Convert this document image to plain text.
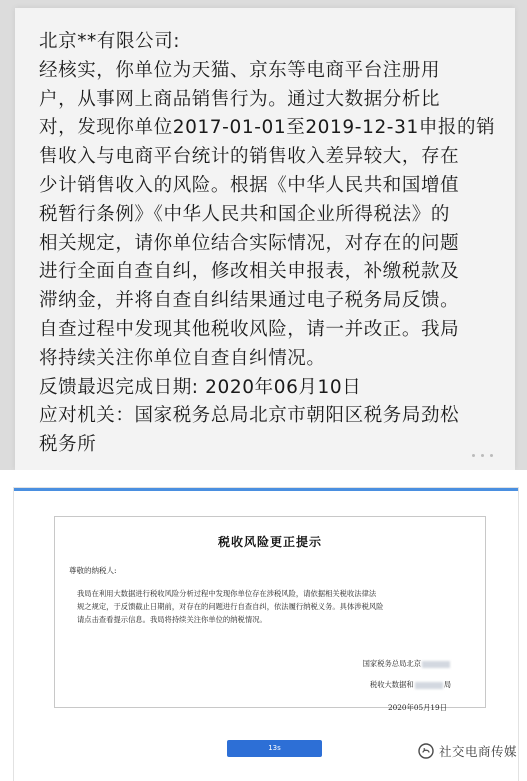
北京**有限公司:
经核实，你单位为天猫、京东等电商平台注册用
户，从事网上商品销售行为。通过大数据分析比
对，发现你单位2017-01-01至2019-12-31申报的销
售收入与电商平台统计的销售收入差异较大，存在
少计销售收入的风险。根据《中华人民共和国增值
税暂行条例》《中华人民共和国企业所得税法》的
相关规定，请你单位结合实际情况，对存在的问题
进行全面自查自纠，修改相关申报表，补缴税款及
滞纳金，并将自查自纠结果通过电子税务局反馈。
自查过程中发现其他税收风险，请一并改正。我局
将持续关注你单位自查自纠情况。
反馈最迟完成日期: 2020年06月10日
应对机关：国家税务总局北京市朝阳区税务局劲松
税务所
税收风险更正提示
尊敬的纳税人:
我局在利用大数据进行税收风险分析过程中发现你单位存在涉税风险，请依据相关税收法律法
规之规定，于反馈截止日期前，对存在的问题进行自查自纠，依法履行纳税义务。具体涉税风险
请点击查看提示信息。我局将持续关注你单位的纳税情况。
国家税务总局北京
税收大数据和	局
2020年05月19日
13s	社交电商传媒
